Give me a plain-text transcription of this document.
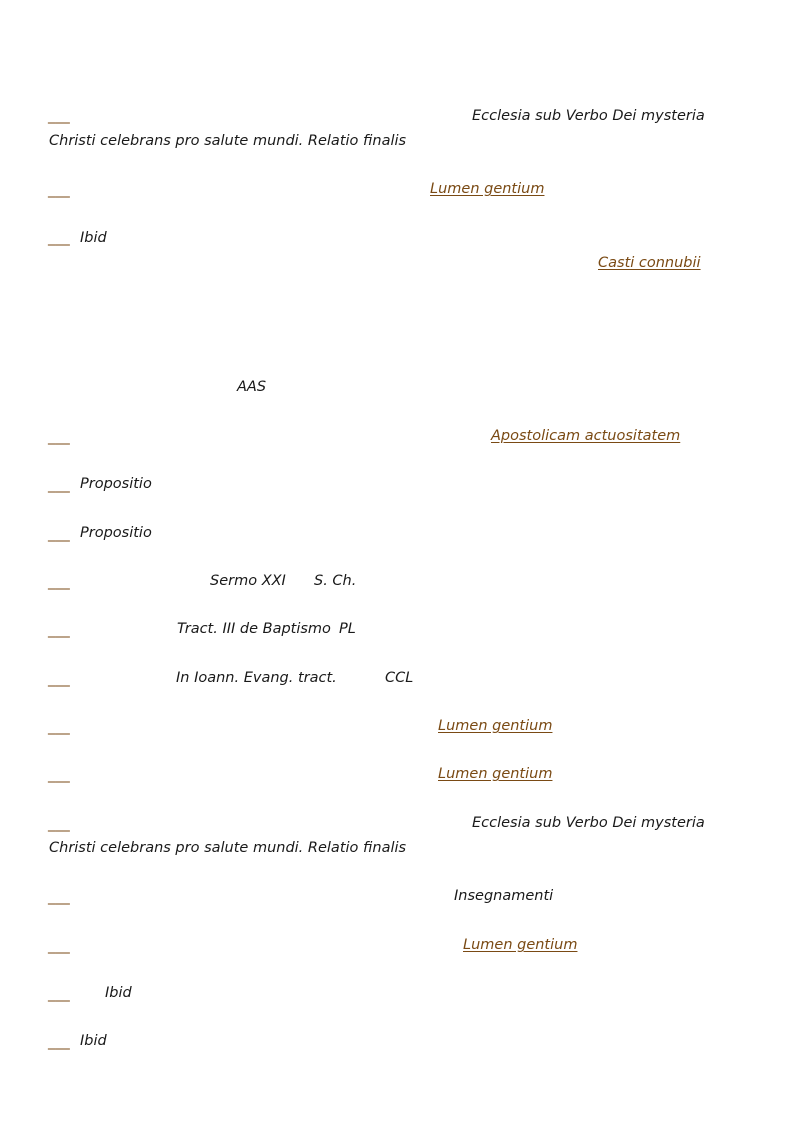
___	Ecclesia sub Verbo Dei mysteria
Christi celebrans pro salute mundi. Relatio finalis
___	Lumen gentium
___ Ibid
Casti connubii
AAS
___	Apostolicam actuositatem
___ Propositio
___ Propositio
___	Sermo XXI S. Ch.
___	Tract. III de Baptismo PL
___	In Ioann. Evang. tract.	CCL
___	Lumen gentium
___	Lumen gentium
___	Ecclesia sub Verbo Dei mysteria
Christi celebrans pro salute mundi. Relatio finalis
___	Insegnamenti
___	Lumen gentium
___ Ibid
___ Ibid
